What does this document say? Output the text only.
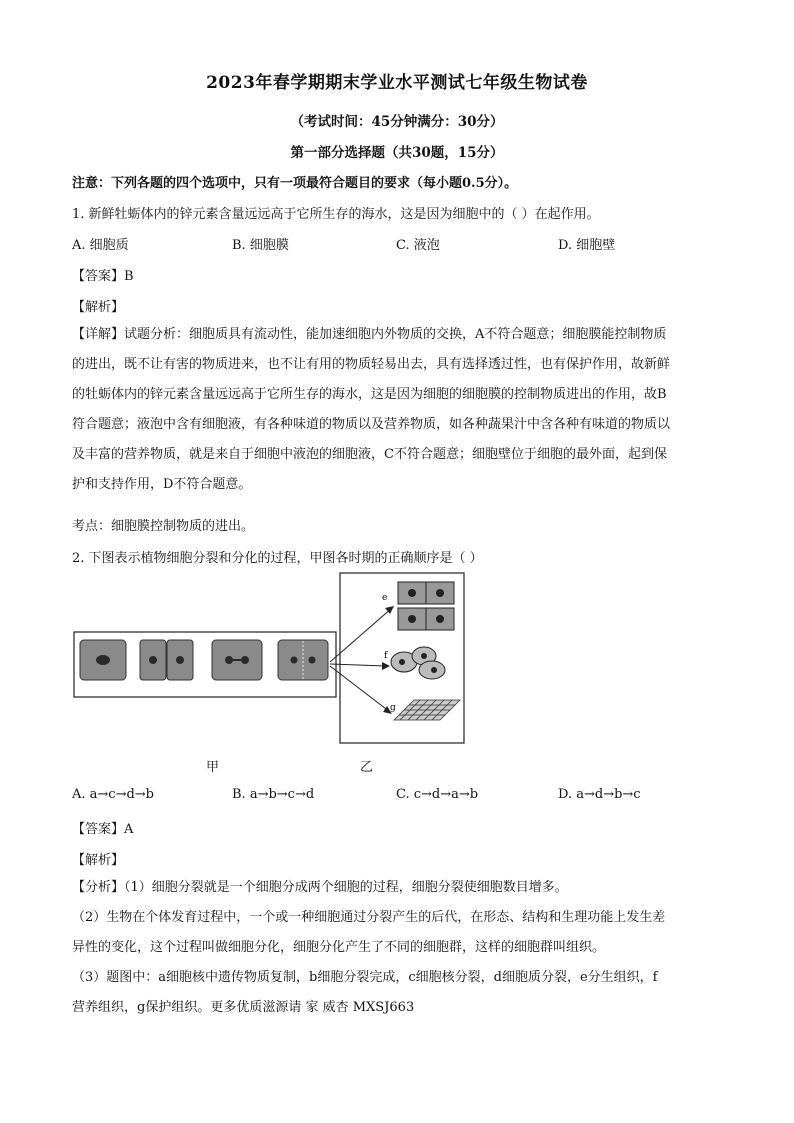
2023年春学期期末学业水平测试七年级生物试卷
（考试时间：45分钟满分：30分）
第一部分选择题（共30题，15分）
注意：下列各题的四个选项中，只有一项最符合题目的要求（每小题0.5分）。
1. 新鲜牡蛎体内的锌元素含量远远高于它所生存的海水，这是因为细胞中的（ ）在起作用。
A. 细胞质	B. 细胞膜	C. 液泡	D. 细胞壁
【答案】B
【解析】
【详解】试题分析：细胞质具有流动性，能加速细胞内外物质的交换，A不符合题意；细胞膜能控制物质
的进出，既不让有害的物质进来，也不让有用的物质轻易出去，具有选择透过性，也有保护作用，故新鲜
的牡蛎体内的锌元素含量远远高于它所生存的海水，这是因为细胞的细胞膜的控制物质进出的作用，故B
符合题意；液泡中含有细胞液，有各种味道的物质以及营养物质，如各种蔬果汁中含各种有味道的物质以
及丰富的营养物质，就是来自于细胞中液泡的细胞液，C不符合题意；细胞壁位于细胞的最外面，起到保
护和支持作用，D不符合题意。
考点：细胞膜控制物质的进出。
2. 下图表示植物细胞分裂和分化的过程，甲图各时期的正确顺序是（ ）
a	b	c	d
e
f
g
甲	乙
A. a→c→d→b	B. a→b→c→d	C. c→d→a→b	D. a→d→b→c
【答案】A
【解析】
【分析】（1）细胞分裂就是一个细胞分成两个细胞的过程，细胞分裂使细胞数目增多。
（2）生物在个体发育过程中，一个或一种细胞通过分裂产生的后代，在形态、结构和生理功能上发生差
异性的变化，这个过程叫做细胞分化，细胞分化产生了不同的细胞群，这样的细胞群叫组织。
（3）题图中：a细胞核中遗传物质复制，b细胞分裂完成，c细胞核分裂，d细胞质分裂，e分生组织，f
营养组织，g保护组织。更多优质滋源请 家 威杏 MXSJ663
